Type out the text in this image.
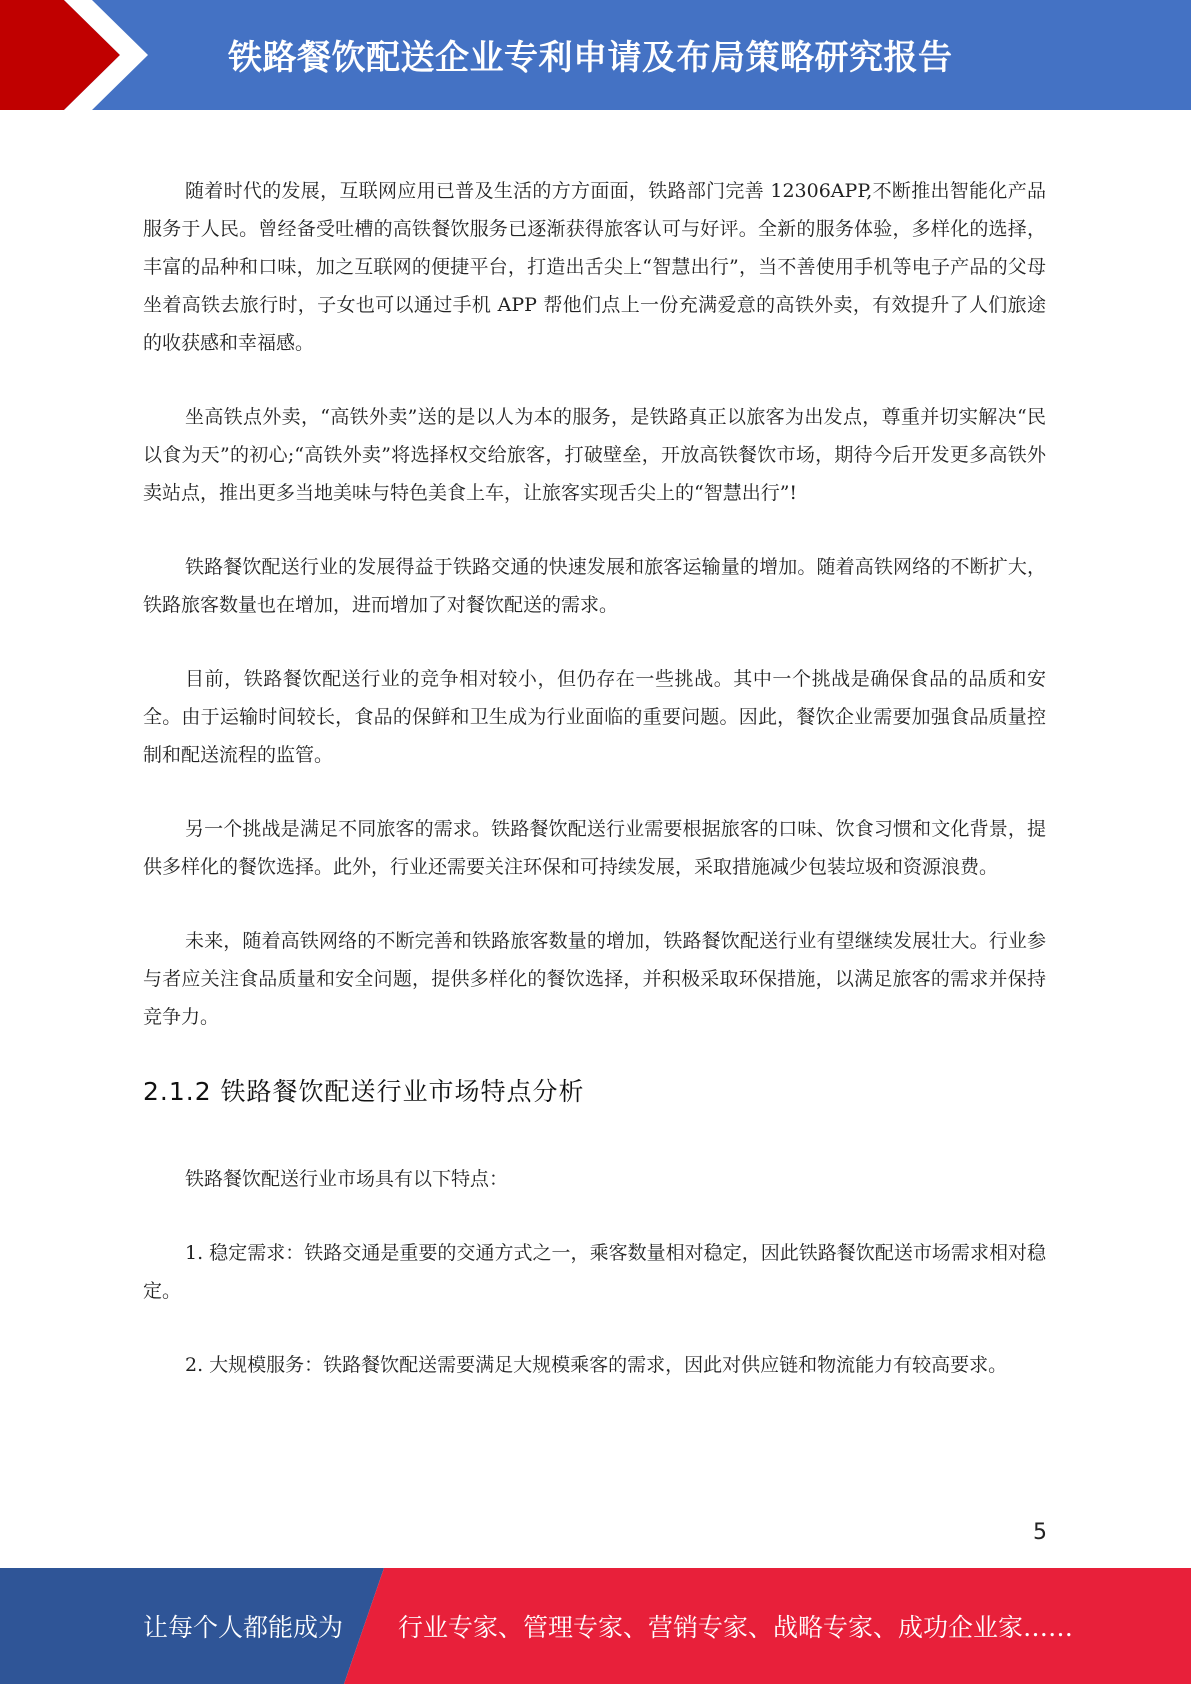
铁路餐饮配送企业专利申请及布局策略研究报告

随着时代的发展，互联网应用已普及生活的方方面面，铁路部门完善 12306APP,不断推出智能化产品服务于人民。曾经备受吐槽的高铁餐饮服务已逐渐获得旅客认可与好评。全新的服务体验，多样化的选择，丰富的品种和口味，加之互联网的便捷平台，打造出舌尖上“智慧出行”，当不善使用手机等电子产品的父母坐着高铁去旅行时，子女也可以通过手机 APP 帮他们点上一份充满爱意的高铁外卖，有效提升了人们旅途的收获感和幸福感。

坐高铁点外卖，“高铁外卖”送的是以人为本的服务，是铁路真正以旅客为出发点，尊重并切实解决“民以食为天”的初心;“高铁外卖”将选择权交给旅客，打破壁垒，开放高铁餐饮市场，期待今后开发更多高铁外卖站点，推出更多当地美味与特色美食上车，让旅客实现舌尖上的“智慧出行”!

铁路餐饮配送行业的发展得益于铁路交通的快速发展和旅客运输量的增加。随着高铁网络的不断扩大，铁路旅客数量也在增加，进而增加了对餐饮配送的需求。

目前，铁路餐饮配送行业的竞争相对较小，但仍存在一些挑战。其中一个挑战是确保食品的品质和安全。由于运输时间较长，食品的保鲜和卫生成为行业面临的重要问题。因此，餐饮企业需要加强食品质量控制和配送流程的监管。

另一个挑战是满足不同旅客的需求。铁路餐饮配送行业需要根据旅客的口味、饮食习惯和文化背景，提供多样化的餐饮选择。此外，行业还需要关注环保和可持续发展，采取措施减少包装垃圾和资源浪费。

未来，随着高铁网络的不断完善和铁路旅客数量的增加，铁路餐饮配送行业有望继续发展壮大。行业参与者应关注食品质量和安全问题，提供多样化的餐饮选择，并积极采取环保措施，以满足旅客的需求并保持竞争力。

2.1.2 铁路餐饮配送行业市场特点分析

铁路餐饮配送行业市场具有以下特点：

1. 稳定需求：铁路交通是重要的交通方式之一，乘客数量相对稳定，因此铁路餐饮配送市场需求相对稳定。

2. 大规模服务：铁路餐饮配送需要满足大规模乘客的需求，因此对供应链和物流能力有较高要求。

5
让每个人都能成为 行业专家、管理专家、营销专家、战略专家、成功企业家……
